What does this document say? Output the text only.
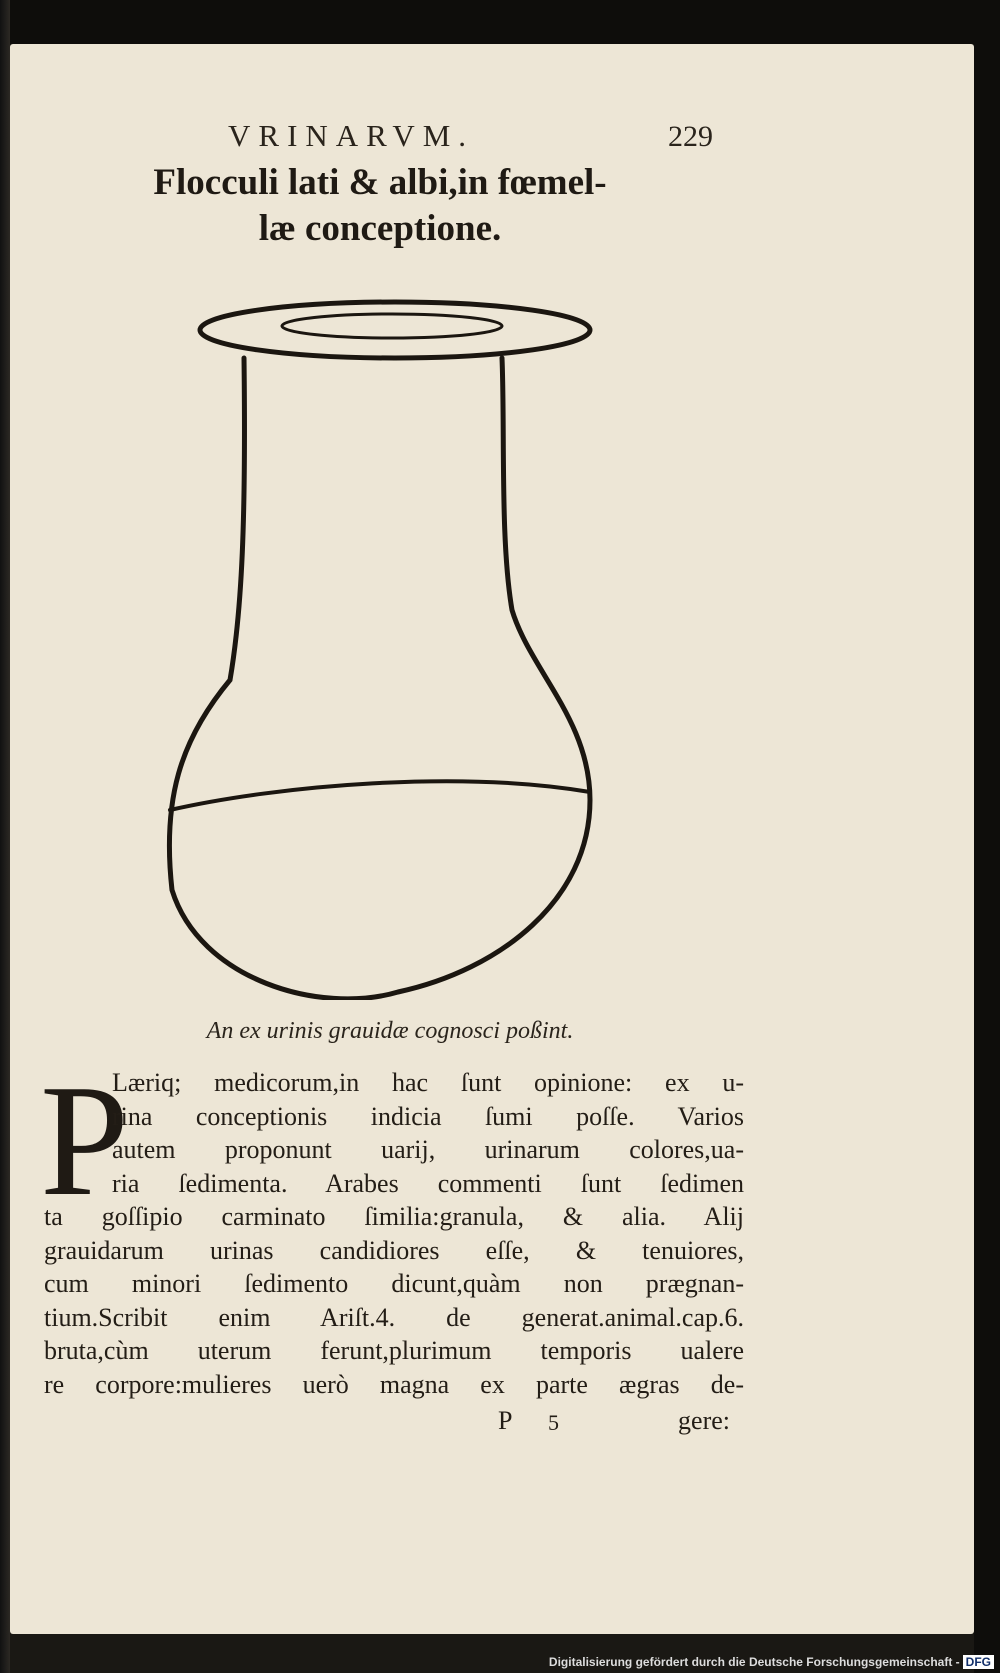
VRINARVM.	229
Flocculi lati & albi,in fœmel-
læ conceptione.
An ex urinis grauidæ cognosci poßint.
P
Læriq; medicorum,in hac ſunt opinione: ex u-
rina conceptionis indicia ſumi poſſe. Varios
autem proponunt uarij, urinarum colores,ua-
ria ſedimenta. Arabes commenti ſunt ſedimen
ta goſſipio carminato ſimilia:granula, & alia. Alij
grauidarum urinas candidiores eſſe, & tenuiores,
cum minori ſedimento dicunt,quàm non prægnan-
tium.Scribit enim Ariſt.4. de generat.animal.cap.6.
bruta,cùm uterum ferunt,plurimum temporis ualere
re corpore:mulieres uerò magna ex parte ægras de-
P 5	gere:
Digitalisierung gefördert durch die Deutsche Forschungsgemeinschaft - DFG
